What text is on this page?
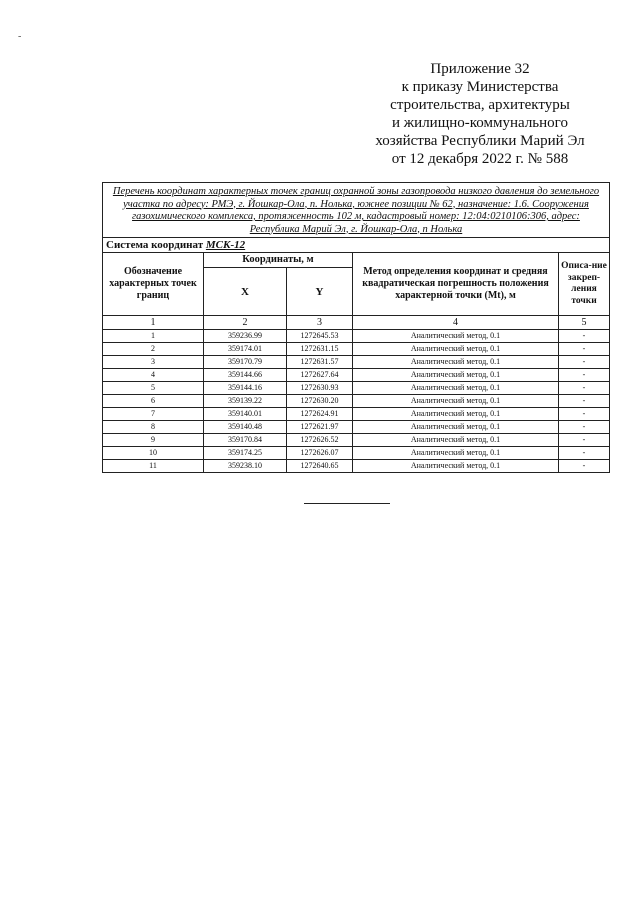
-
Приложение 32
к приказу Министерства
строительства, архитектуры
и жилищно-коммунального
хозяйства Республики Марий Эл
от 12 декабря 2022 г. № 588
Перечень координат характерных точек границ охранной зоны газопровода низкого давления до земельного участка по адресу: РМЭ, г. Йошкар-Ола, п. Нолька, южнее позиции № 62, назначение: 1.6. Сооружения газохимического комплекса, протяженность 102 м, кадастровый номер: 12:04:0210106:306, адрес: Республика Марий Эл, г. Йошкар-Ола, п Нолька				
Система координат МСК-12				
Обозначение характерных точек границ	Координаты, м		Метод определения координат и средняя квадратическая погрешность положения характерной точки (Mt), м	Описа-ние закреп-ления точки
	X	Y		
1	2	3	4	5
1	359236.99	1272645.53	Аналитический метод, 0.1	-
2	359174.01	1272631.15	Аналитический метод, 0.1	-
3	359170.79	1272631.57	Аналитический метод, 0.1	-
4	359144.66	1272627.64	Аналитический метод, 0.1	-
5	359144.16	1272630.93	Аналитический метод, 0.1	-
6	359139.22	1272630.20	Аналитический метод, 0.1	-
7	359140.01	1272624.91	Аналитический метод, 0.1	-
8	359140.48	1272621.97	Аналитический метод, 0.1	-
9	359170.84	1272626.52	Аналитический метод, 0.1	-
10	359174.25	1272626.07	Аналитический метод, 0.1	-
11	359238.10	1272640.65	Аналитический метод, 0.1	-
